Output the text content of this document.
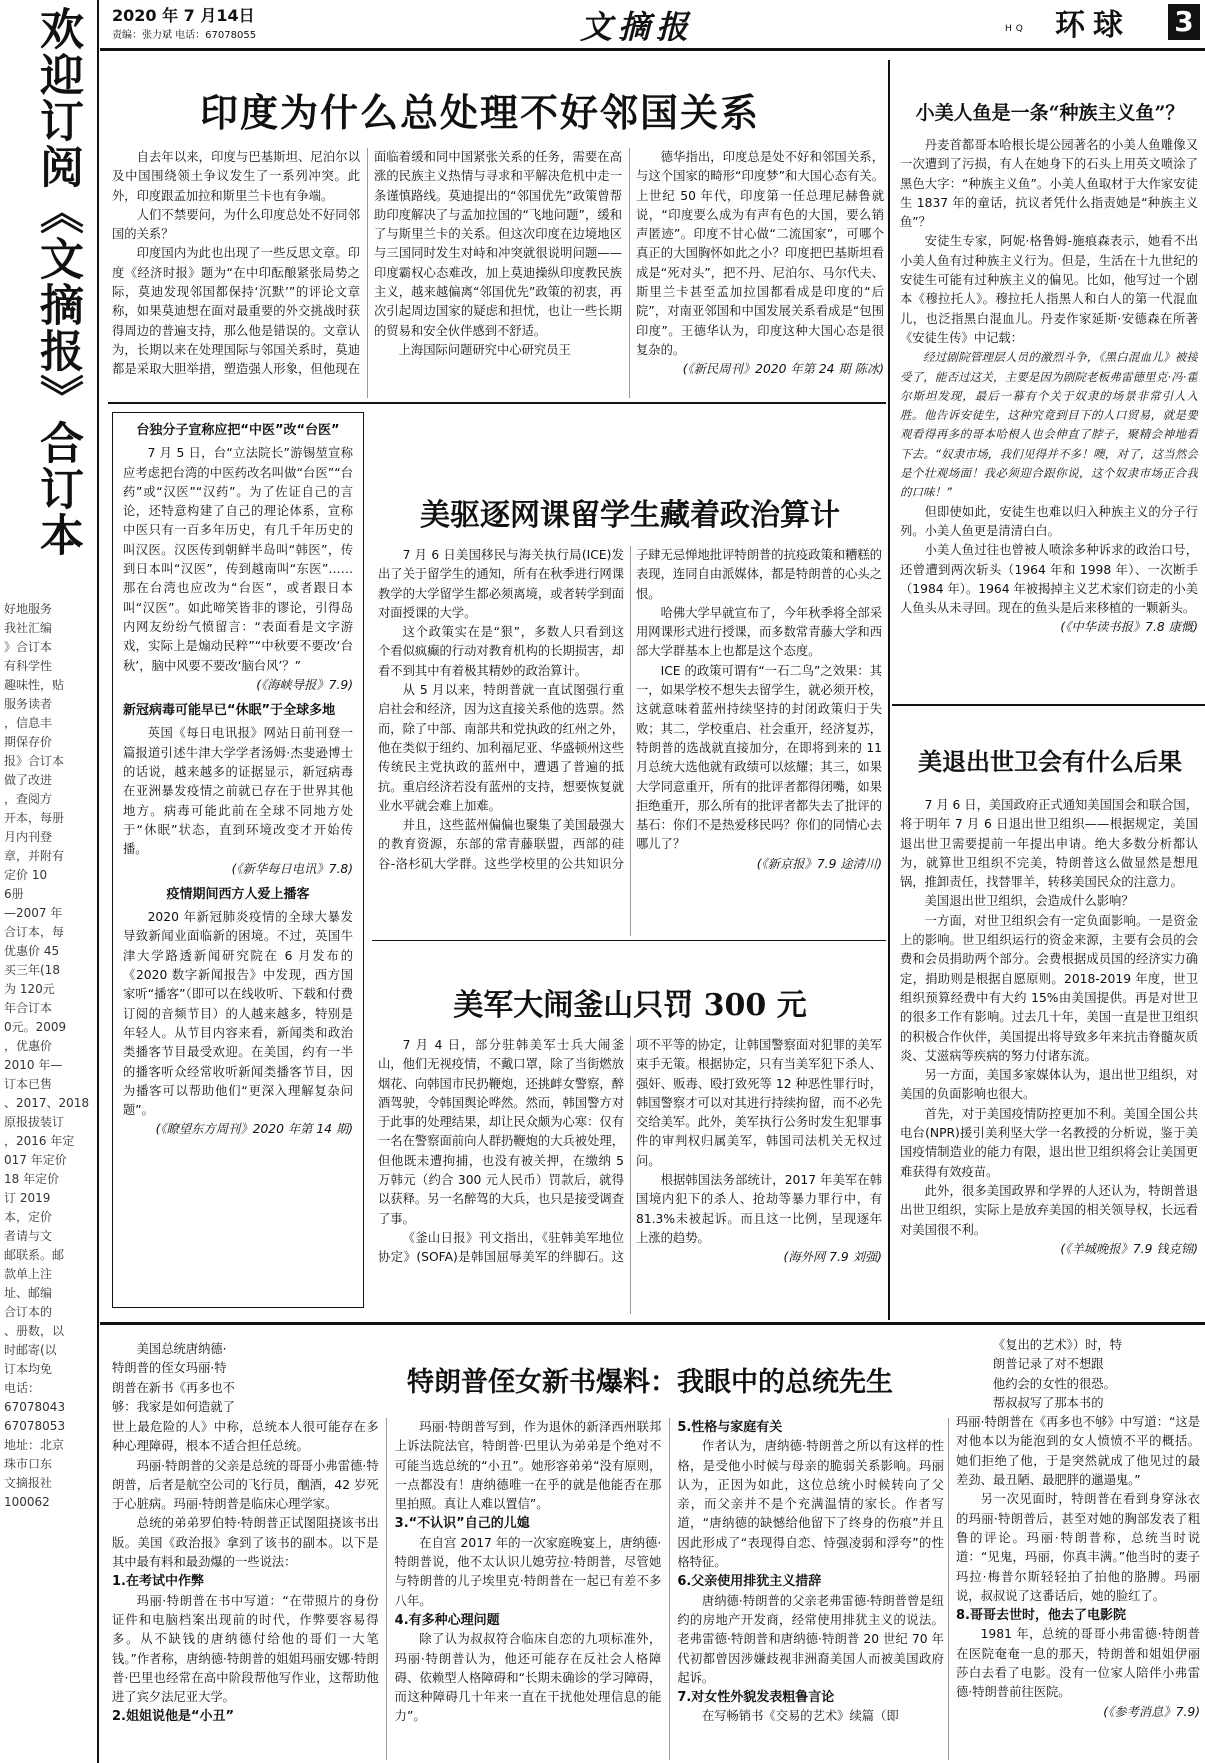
2020 年 7 月14日
责编：张力斌 电话：67078055	文摘报	HQ 环球 3
欢迎订阅《文摘报》合订本
好地服务
我社汇编
》合订本
有科学性
趣味性，贴
服务读者
，信息丰
期保存价
报》合订本
做了改进
，查阅方
开本，每册
月内刊登
章，并附有
定价 10
6册
—2007 年
合订本，每
优惠价 45
买三年(18
为 120元
年合订本
0元。2009
，优惠价
2010 年—
订本已售
、2017、2018
原报拔装订
，2016 年定
017 年定价
18 年定价
订 2019
本，定价
者请与文
邮联系。邮
款单上注
址、邮编
合订本的
、册数，以
时邮寄(以
订本均免
电话：
67078043
67078053
地址：北京
珠市口东
文摘报社
100062
印度为什么总处理不好邻国关系

自去年以来，印度与巴基斯坦、尼泊尔以及中国围绕领土争议发生了一系列冲突。此外，印度跟孟加拉和斯里兰卡也有争端。

人们不禁要问，为什么印度总处不好同邻国的关系？

印度国内为此也出现了一些反思文章。印度《经济时报》题为“在中印酝酿紧张局势之际，莫迪发现邻国都保持‘沉默’”的评论文章称，如果莫迪想在面对最重要的外交挑战时获得周边的普遍支持，那么他是错误的。文章认为，长期以来在处理国际与邻国关系时，莫迪都是采取大胆举措，塑造强人形象，但他现在面临着缓和同中国紧张关系的任务，需要在高涨的民族主义热情与寻求和平解决危机中走一条谨慎路线。莫迪提出的“邻国优先”政策曾帮助印度解决了与孟加拉国的“飞地问题”，缓和了与斯里兰卡的关系。但这次印度在边境地区与三国同时发生对峙和冲突就很说明问题——印度霸权心态难改，加上莫迪操纵印度教民族主义，越来越偏离“邻国优先”政策的初衷，再次引起周边国家的疑虑和担忧，也让一些长期的贸易和安全伙伴感到不舒适。

上海国际问题研究中心研究员王

德华指出，印度总是处不好和邻国关系，与这个国家的畸形“印度梦”和大国心态有关。上世纪 50 年代，印度第一任总理尼赫鲁就说，“印度要么成为有声有色的大国，要么销声匿迹”。印度不甘心做“二流国家”，可哪个真正的大国胸怀如此之小？印度把巴基斯坦看成是“死对头”，把不丹、尼泊尔、马尔代夫、斯里兰卡甚至孟加拉国都看成是印度的“后院”，对南亚邻国和中国发展关系看成是“包围印度”。王德华认为，印度这种大国心态是很复杂的。

(《新民周刊》2020 年第 24 期 陈冰)

小美人鱼是一条“种族主义鱼”？

丹麦首都哥本哈根长堤公园著名的小美人鱼雕像又一次遭到了污损，有人在她身下的石头上用英文喷涂了黑色大字：“种族主义鱼”。小美人鱼取材于大作家安徒生 1837 年的童话，抗议者凭什么指责她是“种族主义鱼”？

安徒生专家，阿妮·格鲁姆-施痕森表示，她看不出小美人鱼有过种族主义行为。但是，生活在十九世纪的安徒生可能有过种族主义的偏见。比如，他写过一个剧本《穆拉托人》。穆拉托人指黑人和白人的第一代混血儿，也泛指黑白混血儿。丹麦作家延斯·安德森在所著《安徒生传》中记载：

经过剧院管理层人员的激烈斗争，《黑白混血儿》被接受了，能否过这关，主要是因为剧院老板弗雷德里克·冯·霍尔斯坦发现，最后一幕有个关于奴隶的场景非常引人入胜。他告诉安徒生，这种究竟到目下的人口贸易，就是要观看得再多的哥本哈根人也会伸直了脖子，聚精会神地看下去。“奴隶市场，我们见得并不多！噢，对了，这当然会是个壮观场面！我必须迎合跟你说，这个奴隶市场正合我的口味！”

但即使如此，安徒生也难以归入种族主义的分子行列。小美人鱼更是清清白白。

小美人鱼过往也曾被人喷涂多种诉求的政治口号，还曾遭到两次斩头（1964 年和 1998 年）、一次断手（1984 年）。1964 年被揭掉主义艺术家们窃走的小美人鱼头从未寻回。现在的鱼头是后来移植的一颗新头。

(《中华读书报》7.8 康慨)

台独分子宣称应把“中医”改“台医”

7 月 5 日，台“立法院长”游锡堃宣称应考虑把台湾的中医药改名叫做“台医”“台药”或“汉医”“汉药”。为了佐证自己的言论，还特意构建了自己的理论体系，宣称中医只有一百多年历史，有几千年历史的叫汉医。汉医传到朝鲜半岛叫“韩医”，传到日本叫“汉医”，传到越南叫“东医”……那在台湾也应改为“台医”，或者跟日本叫“汉医”。如此啼笑皆非的谬论，引得岛内网友纷纷气愤留言：“表面看是文字游戏，实际上是煽动民粹”“中秋要不要改‘台秋’，脑中风要不要改‘脑台风’？”

(《海峡导报》7.9)

新冠病毒可能早已“休眠”于全球多地

英国《每日电讯报》网站日前刊登一篇报道引述牛津大学学者汤姆·杰斐逊博士的话说，越来越多的证据显示，新冠病毒在亚洲暴发疫情之前就已存在于世界其他地方。病毒可能此前在全球不同地方处于“休眠”状态，直到环境改变才开始传播。

(《新华每日电讯》7.8)

疫情期间西方人爱上播客

2020 年新冠肺炎疫情的全球大暴发导致新闻业面临新的困境。不过，英国牛津大学路透新闻研究院在 6 月发布的《2020 数字新闻报告》中发现，西方国家听“播客”（即可以在线收听、下载和付费订阅的音频节目）的人越来越多，特别是年轻人。从节目内容来看，新闻类和政治类播客节目最受欢迎。在美国，约有一半的播客听众经常收听新闻类播客节目，因为播客可以帮助他们“更深入理解复杂问题”。

(《瞭望东方周刊》2020 年第 14 期)

美驱逐网课留学生藏着政治算计

7 月 6 日美国移民与海关执行局(ICE)发出了关于留学生的通知，所有在秋季进行网课教学的大学留学生都必须离境，或者转学到面对面授课的大学。

这个政策实在是“狠”，多数人只看到这个看似疯癫的行动对教育机构的长期损害，却看不到其中有着极其精妙的政治算计。

从 5 月以来，特朗普就一直试图强行重启社会和经济，因为这直接关系他的选票。然而，除了中部、南部共和党执政的红州之外，他在类似于纽约、加利福尼亚、华盛顿州这些传统民主党执政的蓝州中，遭遇了普遍的抵抗。重启经济若没有蓝州的支持，想要恢复就业水平就会难上加难。

并且，这些蓝州偏偏也聚集了美国最强大的教育资源，东部的常青藤联盟，西部的硅谷-洛杉矶大学群。这些学校里的公共知识分子肆无忌惮地批评特朗普的抗疫政策和糟糕的表现，连同自由派媒体，都是特朗普的心头之恨。

哈佛大学早就宣布了，今年秋季将全部采用网课形式进行授课，而多数常青藤大学和西部大学群基本上也都是这个态度。

ICE 的政策可谓有“一石二鸟”之效果：其一，如果学校不想失去留学生，就必须开校，这就意味着蓝州持续坚持的封闭政策归于失败；其二，学校重启、社会重开，经济复苏，特朗普的选战就直接加分，在即将到来的 11 月总统大选他就有政绩可以炫耀；其三，如果大学同意重开，所有的批评者都得闭嘴，如果拒绝重开，那么所有的批评者都失去了批评的基石：你们不是热爱移民吗？你们的同情心去哪儿了？

(《新京报》7.9 途清川)

美退出世卫会有什么后果

7 月 6 日，美国政府正式通知美国国会和联合国，将于明年 7 月 6 日退出世卫组织——根据规定，美国退出世卫需要提前一年提出申请。绝大多数分析都认为，就算世卫组织不完美，特朗普这么做显然是想甩锅，推卸责任，找替罪羊，转移美国民众的注意力。

美国退出世卫组织，会造成什么影响？

一方面，对世卫组织会有一定负面影响。一是资金上的影响。世卫组织运行的资金来源，主要有会员的会费和会员捐助两个部分。会费根据成员国的经济实力确定，捐助则是根据自愿原则。2018-2019 年度，世卫组织预算经费中有大约 15%由美国提供。再是对世卫的很多工作有影响。过去几十年，美国一直是世卫组织的积极合作伙伴，美国提出将导致多年来抗击脊髓灰质炎、艾滋病等疾病的努力付诸东流。

另一方面，美国多家媒体认为，退出世卫组织，对美国的负面影响也很大。

首先，对于美国疫情防控更加不利。美国全国公共电台(NPR)援引美利坚大学一名教授的分析说，鉴于美国疫情制造业的能力有限，退出世卫组织将会让美国更难获得有效疫苗。

此外，很多美国政界和学界的人还认为，特朗普退出世卫组织，实际上是放弃美国的相关领导权，长远看对美国很不利。

(《羊城晚报》7.9 钱克锦)

美军大闹釜山只罚 300 元

7 月 4 日，部分驻韩美军士兵大闹釜山，他们无视疫情，不戴口罩，除了当街燃放烟花、向韩国市民扔鞭炮，还挑衅女警察，醉酒驾驶，令韩国舆论哗然。然而，韩国警方对于此事的处理结果，却让民众颇为心寒：仅有一名在警察面前向人群扔鞭炮的大兵被处理，但他既未遭拘捕，也没有被关押，在缴纳 5 万韩元（约合 300 元人民币）罚款后，就得以获释。另一名醉驾的大兵，也只是接受调查了事。

《釜山日报》刊文指出，《驻韩美军地位协定》(SOFA)是韩国屈辱美军的绊脚石。这项不平等的协定，让韩国警察面对犯罪的美军束手无策。根据协定，只有当美军犯下杀人、强奸、贩毒、殴打致死等 12 种恶性罪行时，韩国警察才可以对其进行持续拘留，而不必先交给美军。此外，美军执行公务时发生犯罪事件的审判权归属美军，韩国司法机关无权过问。

根据韩国法务部统计，2017 年美军在韩国境内犯下的杀人、抢劫等暴力罪行中，有 81.3%未被起诉。而且这一比例，呈现逐年上涨的趋势。

(海外网 7.9 刘强)

特朗普侄女新书爆料：我眼中的总统先生

美国总统唐纳德·

特朗普的侄女玛丽·特

朗普在新书《再多也不

够：我家是如何造就了

世上最危险的人》中称，总统本人很可能存在多种心理障碍，根本不适合担任总统。

玛丽·特朗普的父亲是总统的哥哥小弗雷德·特朗普，后者是航空公司的飞行员，酗酒，42 岁死于心脏病。玛丽·特朗普是临床心理学家。

总统的弟弟罗伯特·特朗普正试图阻挠该书出版。美国《政治报》拿到了该书的副本。以下是其中最有料和最劲爆的一些说法：

1.在考试中作弊

玛丽·特朗普在书中写道：“在带照片的身份证件和电脑档案出现前的时代，作弊要容易得多。从不缺钱的唐纳德付给他的哥们一大笔钱。”作者称，唐纳德·特朗普的姐姐玛丽安娜·特朗普·巴里也经常在高中阶段帮他写作业，这帮助他进了宾夕法尼亚大学。

2.姐姐说他是“小丑”

玛丽·特朗普写到，作为退休的新泽西州联邦上诉法院法官，特朗普·巴里认为弟弟是个绝对不可能当选总统的“小丑”。她形容弟弟“没有原则，一点都没有！唐纳德唯一在乎的就是他能否在那里拍照。真让人难以置信”。

3.“不认识”自己的儿媳

在自宫 2017 年的一次家庭晚宴上，唐纳德·特朗普说，他不太认识儿媳劳拉·特朗普，尽管她与特朗普的儿子埃里克·特朗普在一起已有差不多八年。

4.有多种心理问题

除了认为叔叔符合临床自恋的九项标准外，玛丽·特朗普认为，他还可能存在反社会人格障碍、依赖型人格障碍和“长期未确诊的学习障碍，而这种障碍几十年来一直在干扰他处理信息的能力”。

5.性格与家庭有关

作者认为，唐纳德·特朗普之所以有这样的性格，是受他小时候与母亲的脆弱关系影响。玛丽认为，正因为如此，这位总统小时候转向了父亲，而父亲并不是个充满温情的家长。作者写道，“唐纳德的缺憾给他留下了终身的伤痕”并且因此形成了“表现得自恋、恃强凌弱和浮夸”的性格特征。

6.父亲使用排犹主义措辞

唐纳德·特朗普的父亲老弗雷德·特朗普曾是纽约的房地产开发商，经常使用排犹主义的说法。老弗雷德·特朗普和唐纳德·特朗普 20 世纪 70 年代初都曾因涉嫌歧视非洲裔美国人而被美国政府起诉。

7.对女性外貌发表粗鲁言论

在写畅销书《交易的艺术》续篇（即

《复出的艺术》）时，特

朗普记录了对不想跟

他约会的女性的很恐。

帮叔叔写了那本书的

玛丽·特朗普在《再多也不够》中写道：“这是对他本以为能泡到的女人愤愤不平的概括。她们拒绝了他，于是突然就成了他见过的最差劲、最丑陋、最肥胖的邋遢鬼。”

另一次见面时，特朗普在看到身穿泳衣的玛丽·特朗普后，甚至对她的胸部发表了粗鲁的评论。玛丽·特朗普称，总统当时说道：“见鬼，玛丽，你真丰满。”他当时的妻子玛拉·梅普尔斯轻轻拍了拍他的胳膊。玛丽说，叔叔说了这番话后，她的脸红了。

8.哥哥去世时，他去了电影院

1981 年，总统的哥哥小弗雷德·特朗普在医院奄奄一息的那天，特朗普和姐姐伊丽莎白去看了电影。没有一位家人陪伴小弗雷德·特朗普前往医院。

(《参考消息》7.9)
